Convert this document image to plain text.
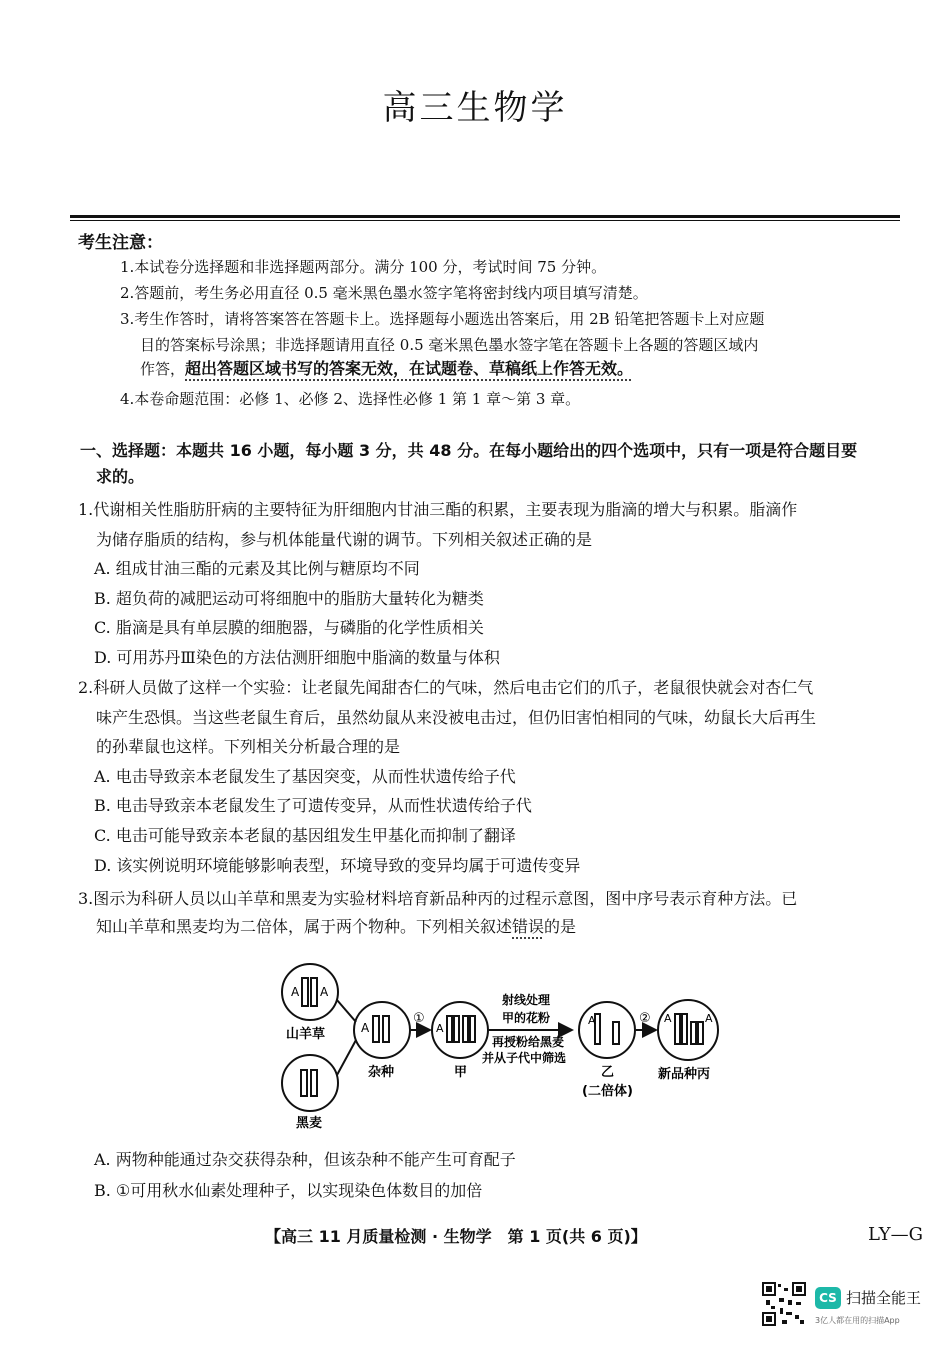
高三生物学
考生注意：
1.本试卷分选择题和非选择题两部分。满分 100 分，考试时间 75 分钟。
2.答题前，考生务必用直径 0.5 毫米黑色墨水签字笔将密封线内项目填写清楚。
3.考生作答时，请将答案答在答题卡上。选择题每小题选出答案后，用 2B 铅笔把答题卡上对应题
目的答案标号涂黑；非选择题请用直径 0.5 毫米黑色墨水签字笔在答题卡上各题的答题区域内
作答，超出答题区域书写的答案无效，在试题卷、草稿纸上作答无效。
4.本卷命题范围：必修 1、必修 2、选择性必修 1 第 1 章～第 3 章。
一、选择题：本题共 16 小题，每小题 3 分，共 48 分。在每小题给出的四个选项中，只有一项是符合题目要
求的。
1.代谢相关性脂肪肝病的主要特征为肝细胞内甘油三酯的积累，主要表现为脂滴的增大与积累。脂滴作
为储存脂质的结构，参与机体能量代谢的调节。下列相关叙述正确的是
A. 组成甘油三酯的元素及其比例与糖原均不同
B. 超负荷的减肥运动可将细胞中的脂肪大量转化为糖类
C. 脂滴是具有单层膜的细胞器，与磷脂的化学性质相关
D. 可用苏丹Ⅲ染色的方法估测肝细胞中脂滴的数量与体积
2.科研人员做了这样一个实验：让老鼠先闻甜杏仁的气味，然后电击它们的爪子，老鼠很快就会对杏仁气
味产生恐惧。当这些老鼠生育后，虽然幼鼠从来没被电击过，但仍旧害怕相同的气味，幼鼠长大后再生
的孙辈鼠也这样。下列相关分析最合理的是
A. 电击导致亲本老鼠发生了基因突变，从而性状遗传给子代
B. 电击导致亲本老鼠发生了可遗传变异，从而性状遗传给子代
C. 电击可能导致亲本老鼠的基因组发生甲基化而抑制了翻译
D. 该实例说明环境能够影响表型，环境导致的变异均属于可遗传变异
3.图示为科研人员以山羊草和黑麦为实验材料培育新品种丙的过程示意图，图中序号表示育种方法。已
知山羊草和黑麦均为二倍体，属于两个物种。下列相关叙述错误的是
A A
山羊草
黑麦
A
杂种
①
A
甲
射线处理
甲的花粉
再授粉给黑麦
并从子代中筛选
A
乙
(二倍体)
② A	A
新品种丙
A. 两物种能通过杂交获得杂种，但该杂种不能产生可育配子
B. ①可用秋水仙素处理种子，以实现染色体数目的加倍
【高三 11 月质量检测 · 生物学　第 1 页(共 6 页)】	LY—G
CS 扫描全能王
3亿人都在用的扫描App
